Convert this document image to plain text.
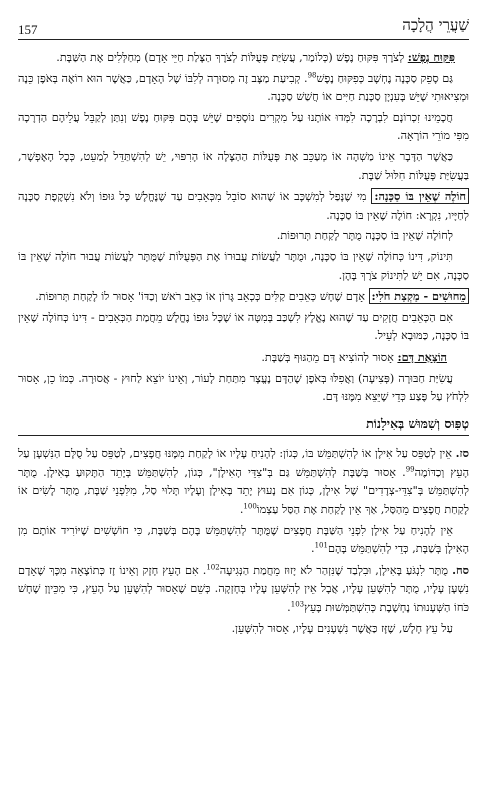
157	שַׁעֲרֵי הֲלָכָה

פִּקּוּחַ נֶפֶשׁ: לְצֹרֶךְ פִּקּוּחַ נֶפֶשׁ (כְּלוֹמַר, עֲשִׂיַּת פְּעֻלּוֹת לְצֹרֶךְ הַצָּלַת חַיֵּי אָדָם) מְחַלְּלִים אֶת הַשַּׁבָּת.

גַּם סָפֵק סַכָּנָה נֶחְשָׁב כְּפִקּוּחַ נֶפֶשׁ$^{98}$. קְבִיעַת מַצָּב זֶה מְסוּרָה לְלִבּוֹ שֶׁל הָאָדָם, כַּאֲשֶׁר הוּא רוֹאֶה בְּאֹפֶן כֵּנֶה וּמְצִיאוּתִי שֶׁיֵּשׁ בָּעִנְיָן סַכָּנַת חַיִּים אוֹ חֲשַׁשׁ סַכָּנָה.

חֲכָמֵינוּ זִכְרוֹנָם לִבְרָכָה לִמְּדוּ אוֹתָנוּ עַל מִקְרִים נוֹסָפִים שֶׁיֵּשׁ בָּהֶם פִּקּוּחַ נֶפֶשׁ וְנִתַּן לְקַבֵּל עֲלֵיהֶם הַדְרָכָה מִפִּי מוֹרֵי הוֹרָאָה.

כַּאֲשֶׁר הַדָּבָר אֵינוֹ מַשְׁהֶה אוֹ מְעַכֵּב אֶת פְּעֻלּוֹת הַהַצָּלָה אוֹ הָרִפּוּי, יֵשׁ לְהִשְׁתַּדֵּל לְמַעֵט, כְּכָל הָאֶפְשָׁר, בַּעֲשִׂיַּת פְּעֻלּוֹת חִלּוּל שַׁבָּת.

חוֹלֶה שֶׁאֵין בּוֹ סַכָּנָה: מִי שֶׁנָּפַל לְמִשְׁכָּב אוֹ שֶׁהוּא סוֹבֵל מִכְּאֵבִים עַד שֶׁנֶּחֱלָשׁ כָּל גּוּפוֹ וְלֹא נִשְׁקֶפֶת סַכָּנָה לְחַיָּיו, נִקְרָא: חוֹלֶה שֶׁאֵין בּוֹ סַכָּנָה.

לְחוֹלֶה שֶׁאֵין בּוֹ סַכָּנָה מֻתָּר לָקַחַת תְּרוּפוֹת.

תִּינוֹק, דִּינוֹ כְּחוֹלֶה שֶׁאֵין בּוֹ סַכָּנָה, וּמֻתָּר לַעֲשׂוֹת עֲבוּרוֹ אֶת הַפְּעֻלּוֹת שֶׁמֻּתָּר לַעֲשׂוֹת עֲבוּר חוֹלֶה שֶׁאֵין בּוֹ סַכָּנָה, אִם יֵשׁ לַתִּינוֹק צֹרֶךְ בָּהֶן.

מֵחוּשִׁים - מַקְצַת חֹלִי: אָדָם שֶׁחָשׁ כְּאֵבִים קַלִּים כְּכְאֵב גָּרוֹן אוֹ כְּאֵב רֹאשׁ וְכַדּוֹ' אָסוּר לוֹ לָקַחַת תְּרוּפוֹת.

אִם הַכְּאֵבִים חֲזָקִים עַד שֶׁהוּא נֶאֱלָץ לִשְׁכַּב בְּמִטָּה אוֹ שֶׁכָּל גּוּפוֹ נֶחֱלָשׁ מֵחֲמַת הַכְּאֵבִים - דִּינוֹ כְּחוֹלֶה שֶׁאֵין בּוֹ סַכָּנָה, כַּמּוּבָא לְעֵיל.

הוֹצָאַת דָּם: אָסוּר לְהוֹצִיא דָּם מֵהַגּוּף בְּשַׁבָּת.

עֲשִׂיַּת חַבּוּרָה (פְּצִיעָה) וַאֲפִלּוּ בְּאֹפֶן שֶׁהַדָּם נֶעֱצָר מִתַּחַת לָעוֹר, וְאֵינוֹ יוֹצֵא לַחוּץ - אֲסוּרָה. כְּמוֹ כֵן, אָסוּר לִלְחֹץ עַל פֶּצַע כְּדֵי שֶׁיֵּצֵא מִמֶּנּוּ דָּם.

טְפִּוּס וְשִׁמּוּשׁ בְּאִילָנוֹת

סז. אֵין לְטַפֵּס עַל אִילָן אוֹ לְהִשְׁתַּמֵּשׁ בּוֹ, כְּגוֹן: לְהָנִיחַ עָלָיו אוֹ לָקַחַת מִמֶּנּוּ חֲפָצִים, לְטַפֵּס עַל סֻלָּם הַנִּשְׁעָן עַל הָעֵץ וְכַדּוֹמֶה$^{99}$. אָסוּר בְּשַׁבָּת לְהִשְׁתַּמֵּשׁ גַּם בְּ"צִדֵּי הָאִילָן", כְּגוֹן, לְהִשְׁתַּמֵּשׁ בְּיָתֵד הַתָּקוּעַ בָּאִילָן. מֻתָּר לְהִשְׁתַּמֵּשׁ בְּ"צִדֵּי-צְדָדִים" שֶׁל אִילָן, כְּגוֹן אִם נָעוּץ יָתֵד בָּאִילָן וְעָלָיו תָּלוּי סַל, מִלִּפְנֵי שַׁבָּת, מֻתָּר לָשִׂים אוֹ לָקַחַת חֲפָצִים מֵהַסַּל, אַךְ אֵין לָקַחַת אֶת הַסַּל עַצְמוֹ$^{100}$.

אֵין לְהָנִיחַ עַל אִילָן לִפְנֵי הַשַּׁבָּת חֲפָצִים שֶׁמֻּתָּר לְהִשְׁתַּמֵּשׁ בָּהֶם בְּשַׁבָּת, כִּי חוֹשְׁשִׁים שֶׁיּוֹרִיד אוֹתָם מִן הָאִילָן בְּשַׁבָּת, כְּדֵי לְהִשְׁתַּמֵּשׁ בָּהֶם$^{101}$.

סח. מֻתָּר לִנְגֹּעַ בָּאִילָן, וּבִלְבַד שֶׁנִּזְהַר לֹא יָזוּז מֵחֲמַת הַנְּגִיעָה$^{102}$. אִם הָעֵץ חָזָק וְאֵינוֹ זָז כְּתוֹצָאָה מִכָּךְ שֶׁאָדָם נִשְׁעָן עָלָיו, מֻתָּר לְהִשָּׁעֵן עָלָיו, אֲבָל אֵין לְהִשָּׁעֵן עָלָיו בְּחָזְקָה. כְּשֵׁם שֶׁאָסוּר לְהִשָּׁעֵן עַל הָעֵץ, כִּי מִכֵּיוָן שֶׁחָשׁ כֹּחוֹ הַשְּׁעָנוּתוֹ נֶחְשֶׁבֶת כְּהִשְׁתַּמְּשׁוּת בָּעֵץ$^{103}$.

עַל עֵץ חָלָשׁ, שֶׁזָּז כַּאֲשֶׁר נִשְׁעָנִים עָלָיו, אָסוּר לְהִשָּׁעֵן.
